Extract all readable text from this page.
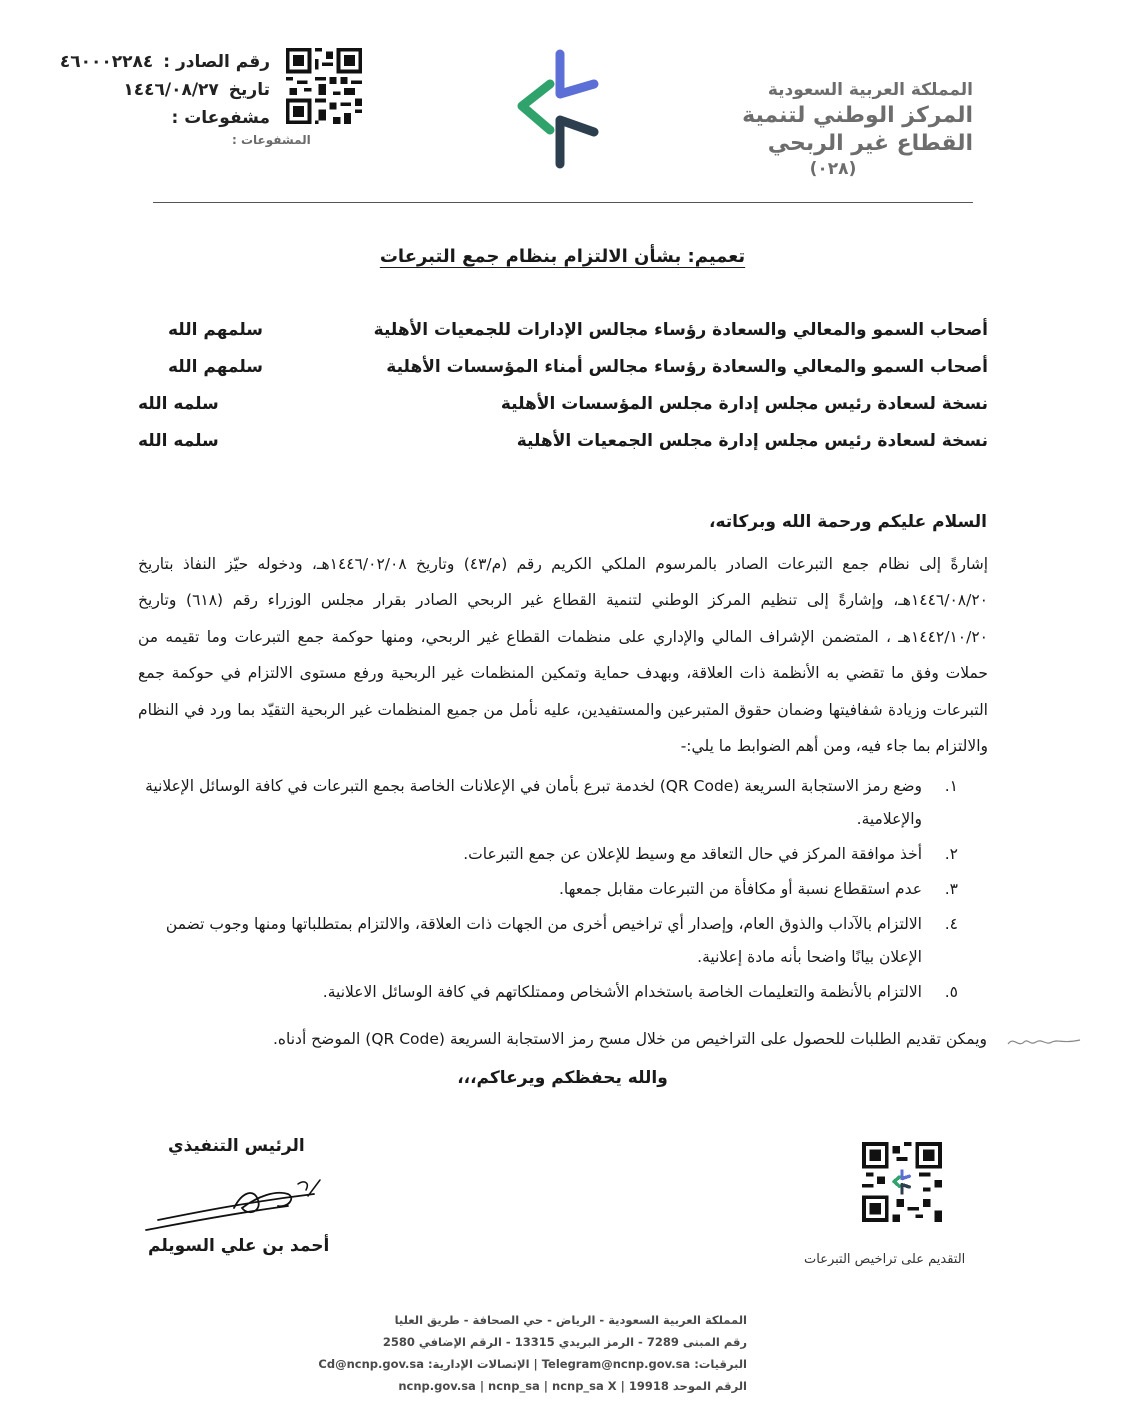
المملكة العربية السعودية
المركز الوطني لتنمية
القطاع غير الربحي
(٠٢٨)
رقم الصادر :٤٦٠٠٠٢٢٨٤
تاريخ١٤٤٦/٠٨/٢٧
مشفوعات :
المشفوعات :
تعميم: بشأن الالتزام بنظام جمع التبرعات
أصحاب السمو والمعالي والسعادة رؤساء مجالس الإدارات للجمعيات الأهلية
سلمهم الله
أصحاب السمو والمعالي والسعادة رؤساء مجالس أمناء المؤسسات الأهلية
سلمهم الله
نسخة لسعادة رئيس مجلس إدارة مجلس المؤسسات الأهلية
سلمه الله
نسخة لسعادة رئيس مجلس إدارة مجلس الجمعيات الأهلية
سلمه الله
السلام عليكم ورحمة الله وبركاته،
إشارةً إلى نظام جمع التبرعات الصادر بالمرسوم الملكي الكريم رقم (م/٤٣) وتاريخ ١٤٤٦/٠٢/٠٨هـ، ودخوله حيّز النفاذ بتاريخ ١٤٤٦/٠٨/٢٠هـ، وإشارةً إلى تنظيم المركز الوطني لتنمية القطاع غير الربحي الصادر بقرار مجلس الوزراء رقم (٦١٨) وتاريخ ١٤٤٢/١٠/٢٠هـ ، المتضمن الإشراف المالي والإداري على منظمات القطاع غير الربحي، ومنها حوكمة جمع التبرعات وما تقيمه من حملات وفق ما تقضي به الأنظمة ذات العلاقة، وبهدف حماية وتمكين المنظمات غير الربحية ورفع مستوى الالتزام في حوكمة جمع التبرعات وزيادة شفافيتها وضمان حقوق المتبرعين والمستفيدين، عليه نأمل من جميع المنظمات غير الربحية التقيّد بما ورد في النظام والالتزام بما جاء فيه، ومن أهم الضوابط ما يلي:-
١.
وضع رمز الاستجابة السريعة (QR Code) لخدمة تبرع بأمان في الإعلانات الخاصة بجمع التبرعات في كافة الوسائل الإعلانية والإعلامية.
٢.
أخذ موافقة المركز في حال التعاقد مع وسيط للإعلان عن جمع التبرعات.
٣.
عدم استقطاع نسبة أو مكافأة من التبرعات مقابل جمعها.
٤.
الالتزام بالآداب والذوق العام، وإصدار أي تراخيص أخرى من الجهات ذات العلاقة، والالتزام بمتطلباتها ومنها وجوب تضمن الإعلان بيانًا واضحا بأنه مادة إعلانية.
٥.
الالتزام بالأنظمة والتعليمات الخاصة باستخدام الأشخاص وممتلكاتهم في كافة الوسائل الاعلانية.
ويمكن تقديم الطلبات للحصول على التراخيص من خلال مسح رمز الاستجابة السريعة (QR Code) الموضح أدناه.
والله يحفظكم ويرعاكم،،،
الرئيس التنفيذي
أحمد بن علي السويلم
التقديم على تراخيص التبرعات
المملكة العربية السعودية - الرياض - حي الصحافة - طريق العليا
رقم المبنى 7289 - الرمز البريدي 13315 - الرقم الإضافي 2580
البرقيات: Telegram@ncnp.gov.sa | الإتصالات الإدارية: Cd@ncnp.gov.sa
الرقم الموحد 19918 | ncnp.gov.sa | ncnp_sa | ncnp_sa X
